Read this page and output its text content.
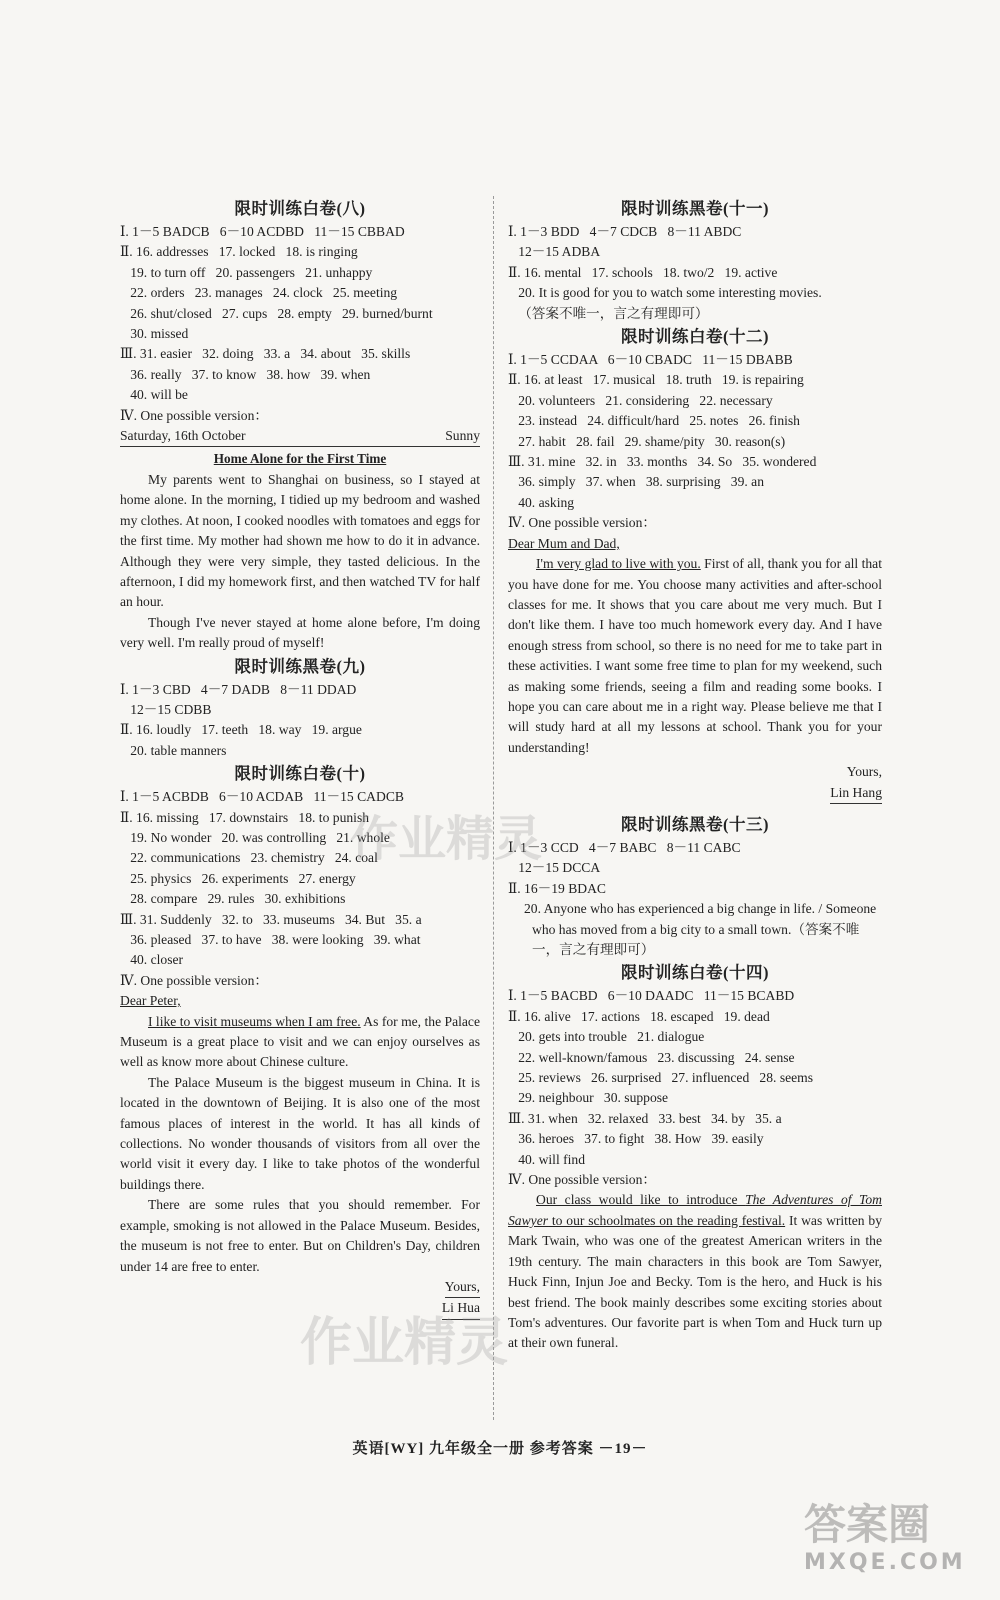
限时训练白卷(八)
Ⅰ. 1－5 BADCB   6－10 ACDBD   11－15 CBBAD
Ⅱ. 16. addresses   17. locked   18. is ringing
19. to turn off   20. passengers   21. unhappy
22. orders   23. manages   24. clock   25. meeting
26. shut/closed   27. cups   28. empty   29. burned/burnt
30. missed
Ⅲ. 31. easier   32. doing   33. a   34. about   35. skills
36. really   37. to know   38. how   39. when
40. will be
Ⅳ. One possible version：
Saturday, 16th October	Sunny
Home Alone for the First Time

My parents went to Shanghai on business, so I stayed at home alone. In the morning, I tidied up my bedroom and washed my clothes. At noon, I cooked noodles with tomatoes and eggs for the first time. My mother had shown me how to do it in advance. Although they were very simple, they tasted delicious. In the afternoon, I did my homework first, and then watched TV for half an hour.

Though I've never stayed at home alone before, I'm doing very well. I'm really proud of myself!

限时训练黑卷(九)
Ⅰ. 1－3 CBD   4－7 DADB   8－11 DDAD
12－15 CDBB
Ⅱ. 16. loudly   17. teeth   18. way   19. argue
20. table manners
限时训练白卷(十)
Ⅰ. 1－5 ACBDB   6－10 ACDAB   11－15 CADCB
Ⅱ. 16. missing   17. downstairs   18. to punish
19. No wonder   20. was controlling   21. whole
22. communications   23. chemistry   24. coal
25. physics   26. experiments   27. energy
28. compare   29. rules   30. exhibitions
Ⅲ. 31. Suddenly   32. to   33. museums   34. But   35. a
36. pleased   37. to have   38. were looking   39. what
40. closer
Ⅳ. One possible version：

Dear Peter,

I like to visit museums when I am free. As for me, the Palace Museum is a great place to visit and we can enjoy ourselves as well as know more about Chinese culture.

The Palace Museum is the biggest museum in China. It is located in the downtown of Beijing. It is also one of the most famous places of interest in the world. It has all kinds of collections. No wonder thousands of visitors from all over the world visit it every day. I like to take photos of the wonderful buildings there.

There are some rules that you should remember. For example, smoking is not allowed in the Palace Museum. Besides, the museum is not free to enter. But on Children's Day, children under 14 are free to enter.

Yours,
Li Hua
限时训练黑卷(十一)
Ⅰ. 1－3 BDD   4－7 CDCB   8－11 ABDC
12－15 ADBA
Ⅱ. 16. mental   17. schools   18. two/2   19. active
20. It is good for you to watch some interesting movies.
（答案不唯一，言之有理即可）
限时训练白卷(十二)
Ⅰ. 1－5 CCDAA   6－10 CBADC   11－15 DBABB
Ⅱ. 16. at least   17. musical   18. truth   19. is repairing
20. volunteers   21. considering   22. necessary
23. instead   24. difficult/hard   25. notes   26. finish
27. habit   28. fail   29. shame/pity   30. reason(s)
Ⅲ. 31. mine   32. in   33. months   34. So   35. wondered
36. simply   37. when   38. surprising   39. an
40. asking
Ⅳ. One possible version：

Dear Mum and Dad,

I'm very glad to live with you. First of all, thank you for all that you have done for me. You choose many activities and after-school classes for me. It shows that you care about me very much. But I don't like them. I have too much homework every day. And I have enough stress from school, so there is no need for me to take part in these activities. I want some free time to plan for my weekend, such as making some friends, seeing a film and reading some books. I hope you can care about me in a right way. Please believe me that I will study hard at all my lessons at school. Thank you for your understanding!

Yours,
Lin Hang
限时训练黑卷(十三)
Ⅰ. 1－3 CCD   4－7 BABC   8－11 CABC
12－15 DCCA
Ⅱ. 16－19 BDAC

20. Anyone who has experienced a big change in life. / Someone who has moved from a big city to a small town.（答案不唯一，言之有理即可）

限时训练白卷(十四)
Ⅰ. 1－5 BACBD   6－10 DAADC   11－15 BCABD
Ⅱ. 16. alive   17. actions   18. escaped   19. dead
20. gets into trouble   21. dialogue
22. well-known/famous   23. discussing   24. sense
25. reviews   26. surprised   27. influenced   28. seems
29. neighbour   30. suppose
Ⅲ. 31. when   32. relaxed   33. best   34. by   35. a
36. heroes   37. to fight   38. How   39. easily
40. will find
Ⅳ. One possible version：

Our class would like to introduce The Adventures of Tom Sawyer to our schoolmates on the reading festival. It was written by Mark Twain, who was one of the greatest American writers in the 19th century. The main characters in this book are Tom Sawyer, Huck Finn, Injun Joe and Becky. Tom is the hero, and Huck is his best friend. The book mainly describes some exciting stories about Tom's adventures. Our favorite part is when Tom and Huck turn up at their own funeral.

英语[WY] 九年级全一册 参考答案 －19－
作业精灵
作业精灵
答案圈
MXQE.COM
